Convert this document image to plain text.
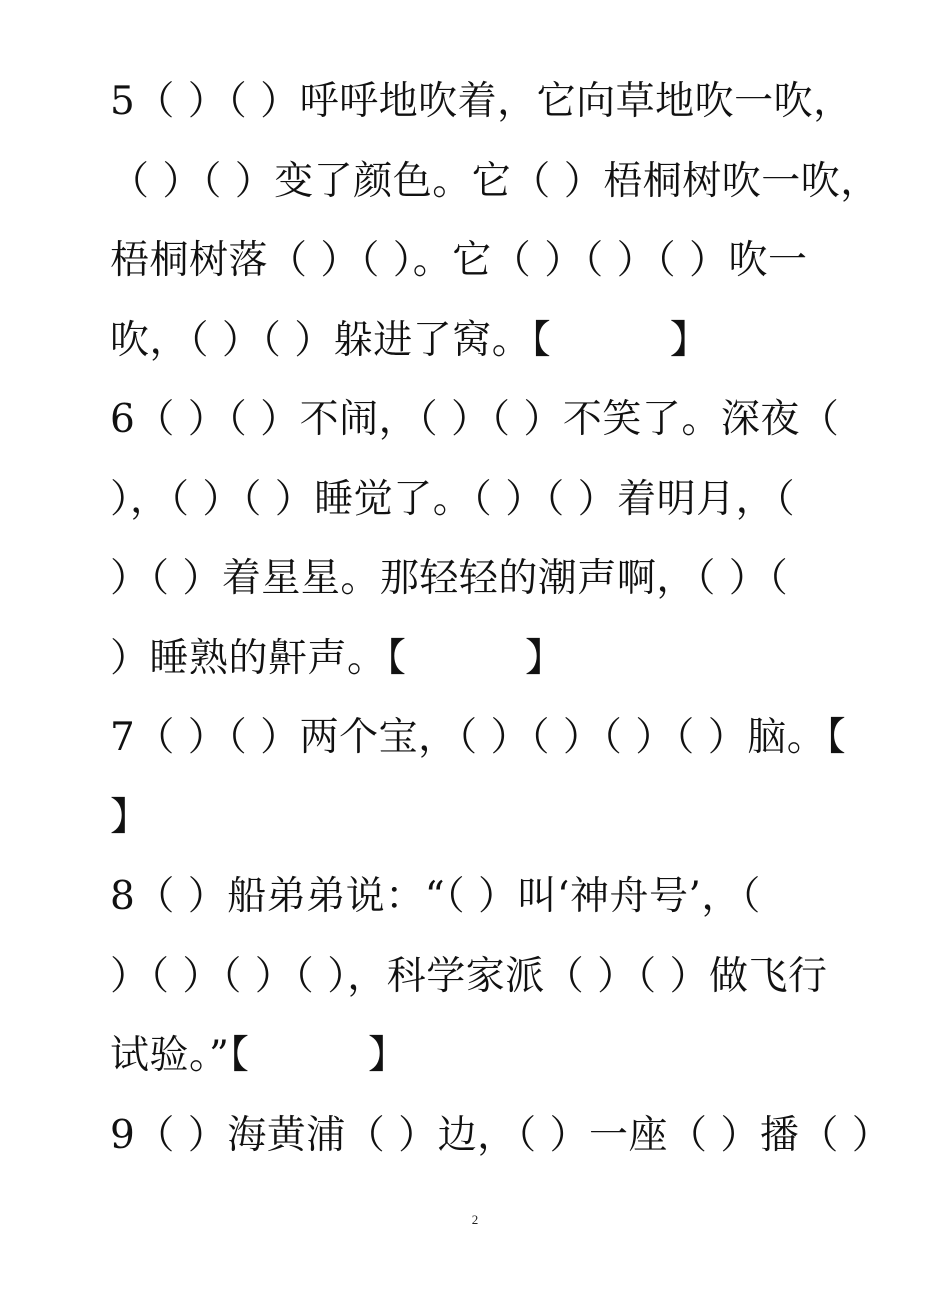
5（ ）（ ）呼呼地吹着，它向草地吹一吹，
（ ）（ ）变了颜色。它（ ）梧桐树吹一吹，
梧桐树落（ ）（ ）。它（ ）（ ）（ ）吹一
吹，（ ）（ ）躲进了窝。【　　　】
6（ ）（ ）不闹，（ ）（ ）不笑了。深夜（
），（ ）（ ）睡觉了。（ ）（ ）着明月，（
）（ ）着星星。那轻轻的潮声啊，（ ）（
）睡熟的鼾声。【　　　】
7（ ）（ ）两个宝，（ ）（ ）（ ）（ ）脑。【
】
8（ ）船弟弟说：“（ ）叫‘神舟号’，（
）（ ）（ ）（ ），科学家派（ ）（ ）做飞行
试验。”【　　　】
9（ ）海黄浦（ ）边，（ ）一座（ ）播（ ）
2
